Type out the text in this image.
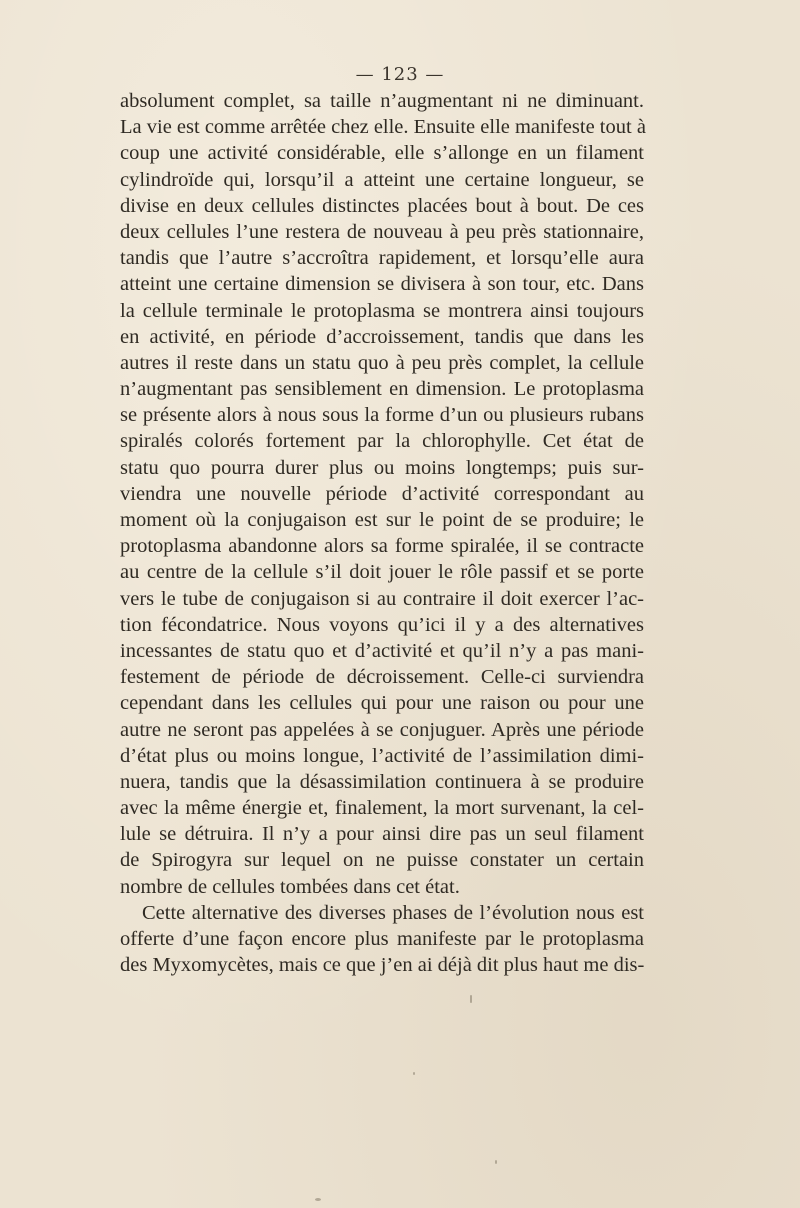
— 123 —
absolument complet, sa taille n’augmentant ni ne diminuant.
La vie est comme arrêtée chez elle. Ensuite elle manifeste tout à
coup une activité considérable, elle s’allonge en un filament
cylindroïde qui, lorsqu’il a atteint une certaine longueur, se
divise en deux cellules distinctes placées bout à bout. De ces
deux cellules l’une restera de nouveau à peu près stationnaire,
tandis que l’autre s’accroîtra rapidement, et lorsqu’elle aura
atteint une certaine dimension se divisera à son tour, etc. Dans
la cellule terminale le protoplasma se montrera ainsi toujours
en activité, en période d’accroissement, tandis que dans les
autres il reste dans un statu quo à peu près complet, la cellule
n’augmentant pas sensiblement en dimension. Le protoplasma
se présente alors à nous sous la forme d’un ou plusieurs rubans
spiralés colorés fortement par la chlorophylle. Cet état de
statu quo pourra durer plus ou moins longtemps; puis sur-
viendra une nouvelle période d’activité correspondant au
moment où la conjugaison est sur le point de se produire; le
protoplasma abandonne alors sa forme spiralée, il se contracte
au centre de la cellule s’il doit jouer le rôle passif et se porte
vers le tube de conjugaison si au contraire il doit exercer l’ac-
tion fécondatrice. Nous voyons qu’ici il y a des alternatives
incessantes de statu quo et d’activité et qu’il n’y a pas mani-
festement de période de décroissement. Celle-ci surviendra
cependant dans les cellules qui pour une raison ou pour une
autre ne seront pas appelées à se conjuguer. Après une période
d’état plus ou moins longue, l’activité de l’assimilation dimi-
nuera, tandis que la désassimilation continuera à se produire
avec la même énergie et, finalement, la mort survenant, la cel-
lule se détruira. Il n’y a pour ainsi dire pas un seul filament
de Spirogyra sur lequel on ne puisse constater un certain
nombre de cellules tombées dans cet état.
Cette alternative des diverses phases de l’évolution nous est
offerte d’une façon encore plus manifeste par le protoplasma
des Myxomycètes, mais ce que j’en ai déjà dit plus haut me dis-
